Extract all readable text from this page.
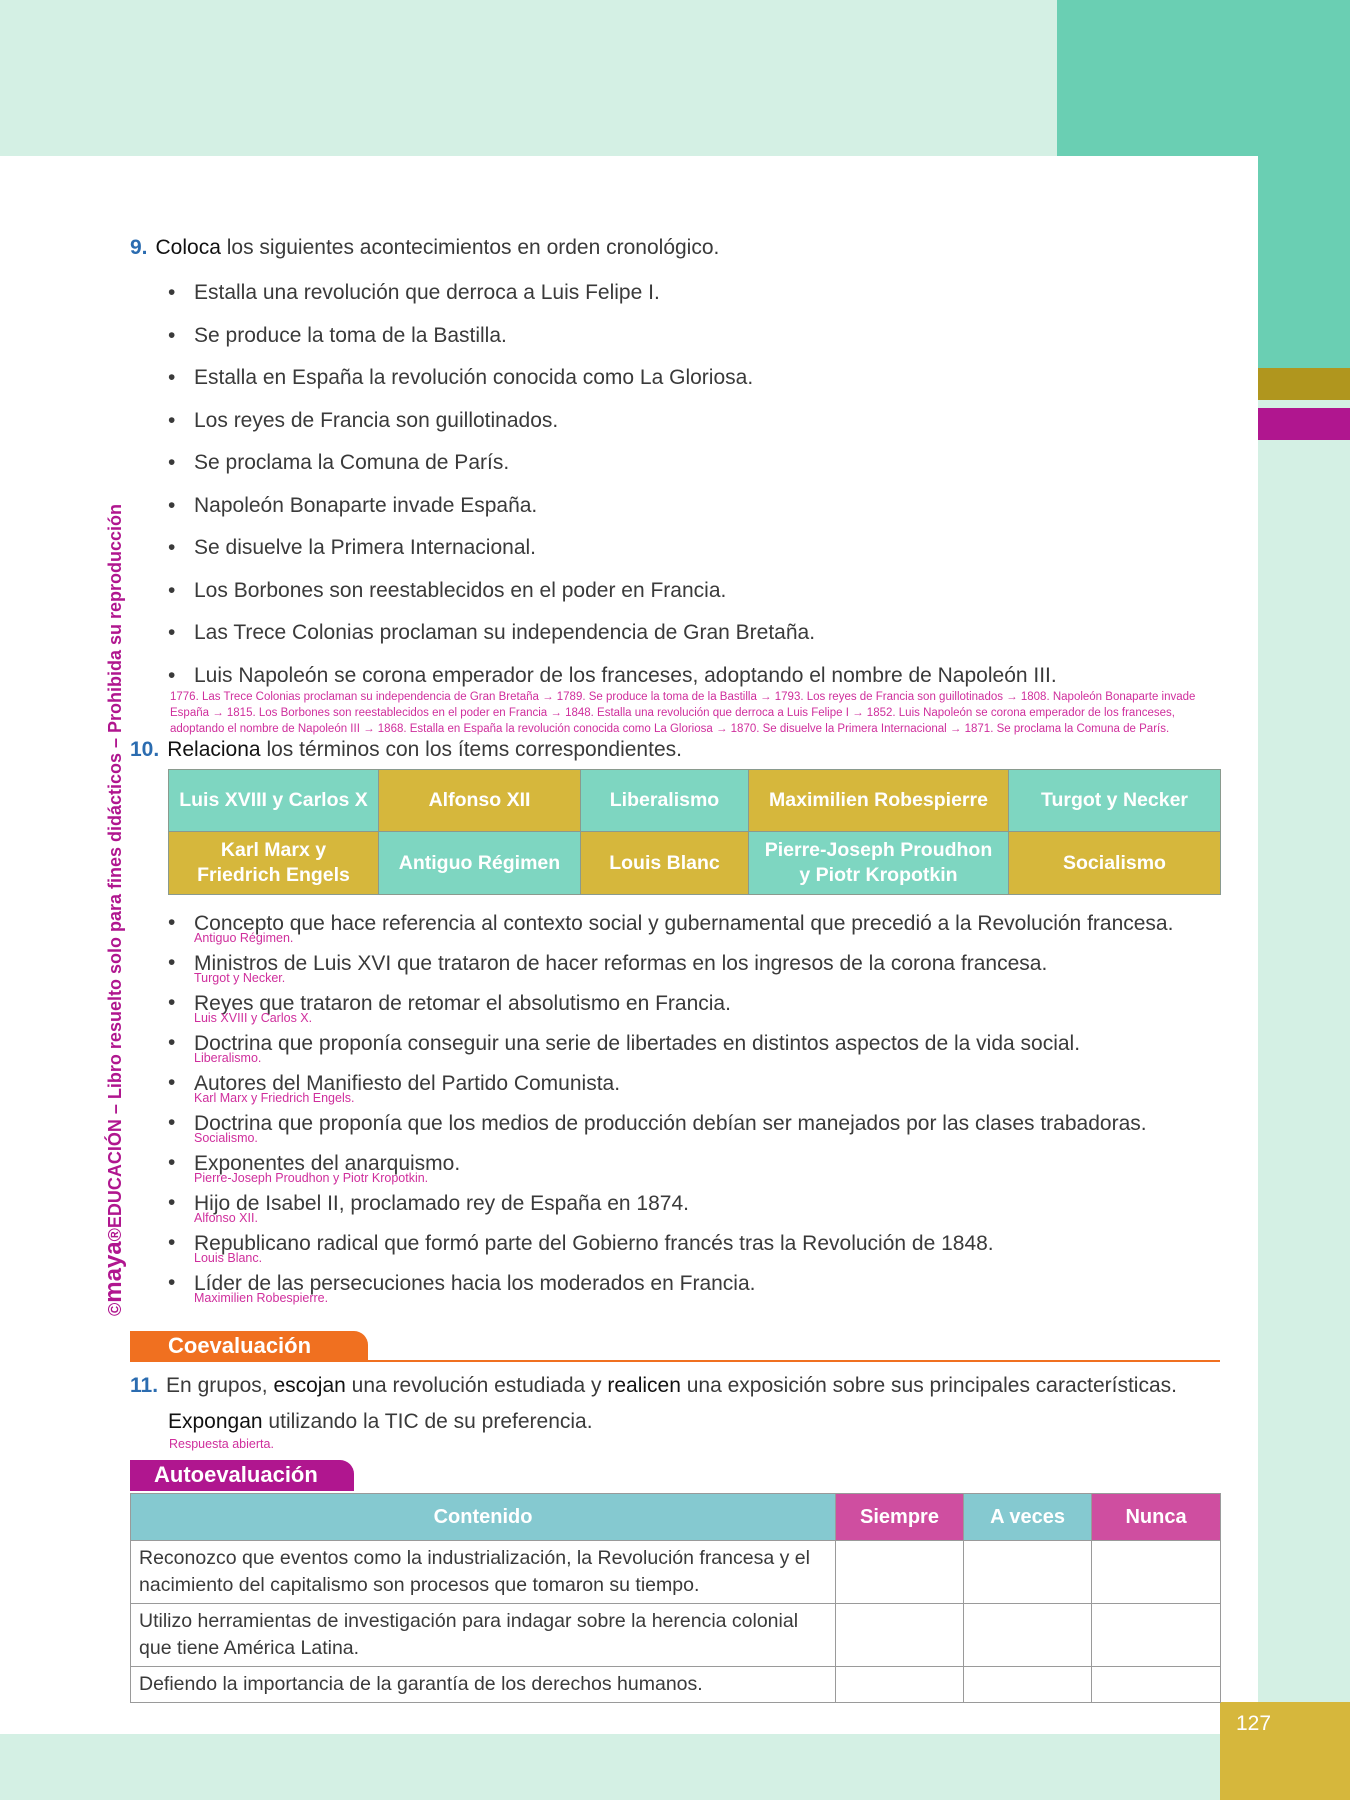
127
©maya®EDUCACIÓN – Libro resuelto solo para fines didácticos – Prohibida su reproducción
9. Coloca los siguientes acontecimientos en orden cronológico.
• Estalla una revolución que derroca a Luis Felipe I.
• Se produce la toma de la Bastilla.
• Estalla en España la revolución conocida como La Gloriosa.
• Los reyes de Francia son guillotinados.
• Se proclama la Comuna de París.
• Napoleón Bonaparte invade España.
• Se disuelve la Primera Internacional.
• Los Borbones son reestablecidos en el poder en Francia.
• Las Trece Colonias proclaman su independencia de Gran Bretaña.
• Luis Napoleón se corona emperador de los franceses, adoptando el nombre de Napoleón III.
1776. Las Trece Colonias proclaman su independencia de Gran Bretaña → 1789. Se produce la toma de la Bastilla → 1793. Los reyes de Francia son guillotinados → 1808. Napoleón Bonaparte invade España → 1815. Los Borbones son reestablecidos en el poder en Francia → 1848. Estalla una revolución que derroca a Luis Felipe I → 1852. Luis Napoleón se corona emperador de los franceses, adoptando el nombre de Napoleón III → 1868. Estalla en España la revolución conocida como La Gloriosa → 1870. Se disuelve la Primera Internacional → 1871. Se proclama la Comuna de París.
10. Relaciona los términos con los ítems correspondientes.
Luis XVIII y Carlos X	Alfonso XII	Liberalismo	Maximilien Robespierre	Turgot y Necker
Karl Marx y Friedrich Engels	Antiguo Régimen	Louis Blanc	Pierre-Joseph Proudhon y Piotr Kropotkin	Socialismo
• Concepto que hace referencia al contexto social y gubernamental que precedió a la Revolución francesa.
Antiguo Régimen.
• Ministros de Luis XVI que trataron de hacer reformas en los ingresos de la corona francesa.
Turgot y Necker.
• Reyes que trataron de retomar el absolutismo en Francia.
Luis XVIII y Carlos X.
• Doctrina que proponía conseguir una serie de libertades en distintos aspectos de la vida social.
Liberalismo.
• Autores del Manifiesto del Partido Comunista.
Karl Marx y Friedrich Engels.
• Doctrina que proponía que los medios de producción debían ser manejados por las clases trabadoras.
Socialismo.
• Exponentes del anarquismo.
Pierre-Joseph Proudhon y Piotr Kropotkin.
• Hijo de Isabel II, proclamado rey de España en 1874.
Alfonso XII.
• Republicano radical que formó parte del Gobierno francés tras la Revolución de 1848.
Louis Blanc.
• Líder de las persecuciones hacia los moderados en Francia.
Maximilien Robespierre.
Coevaluación
11. En grupos, escojan una revolución estudiada y realicen una exposición sobre sus principales características.
Expongan utilizando la TIC de su preferencia.
Respuesta abierta.
Autoevaluación
Contenido	Siempre	A veces	Nunca
Reconozco que eventos como la industrialización, la Revolución francesa y el nacimiento del capitalismo son procesos que tomaron su tiempo.			
Utilizo herramientas de investigación para indagar sobre la herencia colonial que tiene América Latina.			
Defiendo la importancia de la garantía de los derechos humanos.			
